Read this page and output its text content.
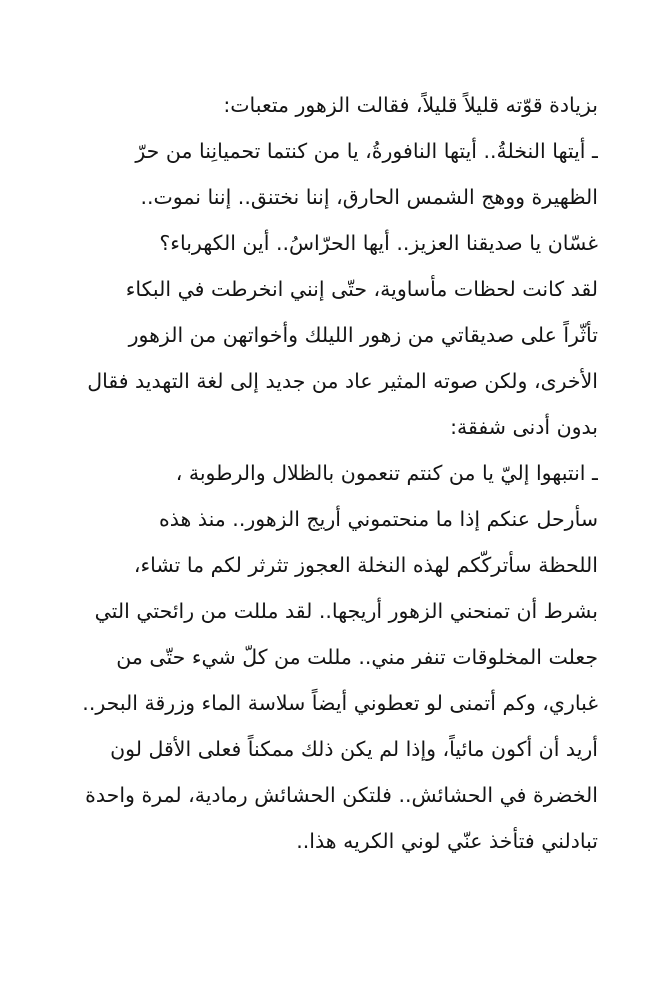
بزيادة قوّته قليلاً قليلاً، فقالت الزهور متعبات:

ـ أيتها النخلةُ.. أيتها النافورةُ، يا من كنتما تحميانِنا من حرّ
الظهيرة ووهج الشمس الحارق، إننا نختنق.. إننا نموت..
غسّان يا صديقنا العزيز.. أيها الحرّاسُ.. أين الكهرباء؟

لقد كانت لحظات مأساوية، حتّى إنني انخرطت في البكاء
تأثّراً على صديقاتي من زهور الليلك وأخواتهن من الزهور
الأخرى، ولكن صوته المثير عاد من جديد إلى لغة التهديد فقال
بدون أدنى شفقة:

ـ انتبهوا إليّ يا من كنتم تنعمون بالظلال والرطوبة ،
سأرحل عنكم إذا ما منحتموني أريج الزهور.. منذ هذه
اللحظة سأتركّكم لهذه النخلة العجوز تثرثر لكم ما تشاء،
بشرط أن تمنحني الزهور أريجها.. لقد مللت من رائحتي التي
جعلت المخلوقات تنفر مني.. مللت من كلّ شيء حتّى من
غباري، وكم أتمنى لو تعطوني أيضاً سلاسة الماء وزرقة البحر..
أريد أن أكون مائياً، وإذا لم يكن ذلك ممكناً فعلى الأقل لون
الخضرة في الحشائش.. فلتكن الحشائش رمادية، لمرة واحدة
تبادلني فتأخذ عنّي لوني الكريه هذا..
